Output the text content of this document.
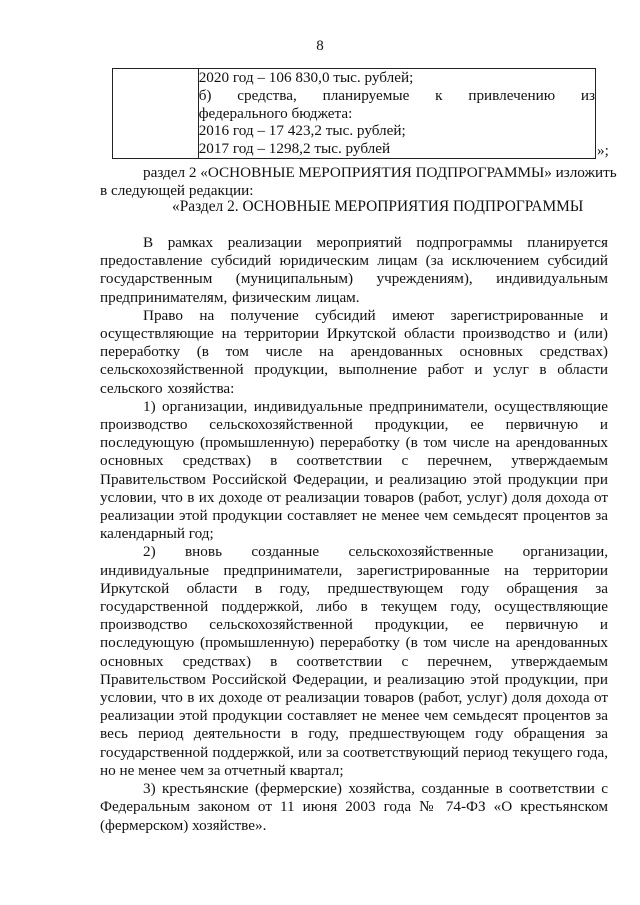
8

2020 год – 106 830,0 тыс. рублей;
б) средства, планируемые к привлечению из
федерального бюджета:
2016 год – 17 423,2 тыс. рублей;
2017 год – 1298,2 тыс. рублей	»;
раздел 2 «ОСНОВНЫЕ МЕРОПРИЯТИЯ ПОДПРОГРАММЫ» изложить
в следующей редакции:
«Раздел 2. ОСНОВНЫЕ МЕРОПРИЯТИЯ ПОДПРОГРАММЫ

В рамках реализации мероприятий подпрограммы планируется предоставление субсидий юридическим лицам (за исключением субсидий государственным (муниципальным) учреждениям), индивидуальным предпринимателям, физическим лицам.

Право на получение субсидий имеют зарегистрированные и осуществляющие на территории Иркутской области производство и (или) переработку (в том числе на арендованных основных средствах) сельскохозяйственной продукции, выполнение работ и услуг в области сельского хозяйства:

1) организации, индивидуальные предприниматели, осуществляющие производство сельскохозяйственной продукции, ее первичную и последующую (промышленную) переработку (в том числе на арендованных основных средствах) в соответствии с перечнем, утверждаемым Правительством Российской Федерации, и реализацию этой продукции при условии, что в их доходе от реализации товаров (работ, услуг) доля дохода от реализации этой продукции составляет не менее чем семьдесят процентов за календарный год;

2) вновь созданные сельскохозяйственные организации, индивидуальные предприниматели, зарегистрированные на территории Иркутской области в году, предшествующем году обращения за государственной поддержкой, либо в текущем году, осуществляющие производство сельскохозяйственной продукции, ее первичную и последующую (промышленную) переработку (в том числе на арендованных основных средствах) в соответствии с перечнем, утверждаемым Правительством Российской Федерации, и реализацию этой продукции, при условии, что в их доходе от реализации товаров (работ, услуг) доля дохода от реализации этой продукции составляет не менее чем семьдесят процентов за весь период деятельности в году, предшествующем году обращения за государственной поддержкой, или за соответствующий период текущего года, но не менее чем за отчетный квартал;

3) крестьянские (фермерские) хозяйства, созданные в соответствии с Федеральным законом от 11 июня 2003 года № 74-ФЗ «О крестьянском (фермерском) хозяйстве».
